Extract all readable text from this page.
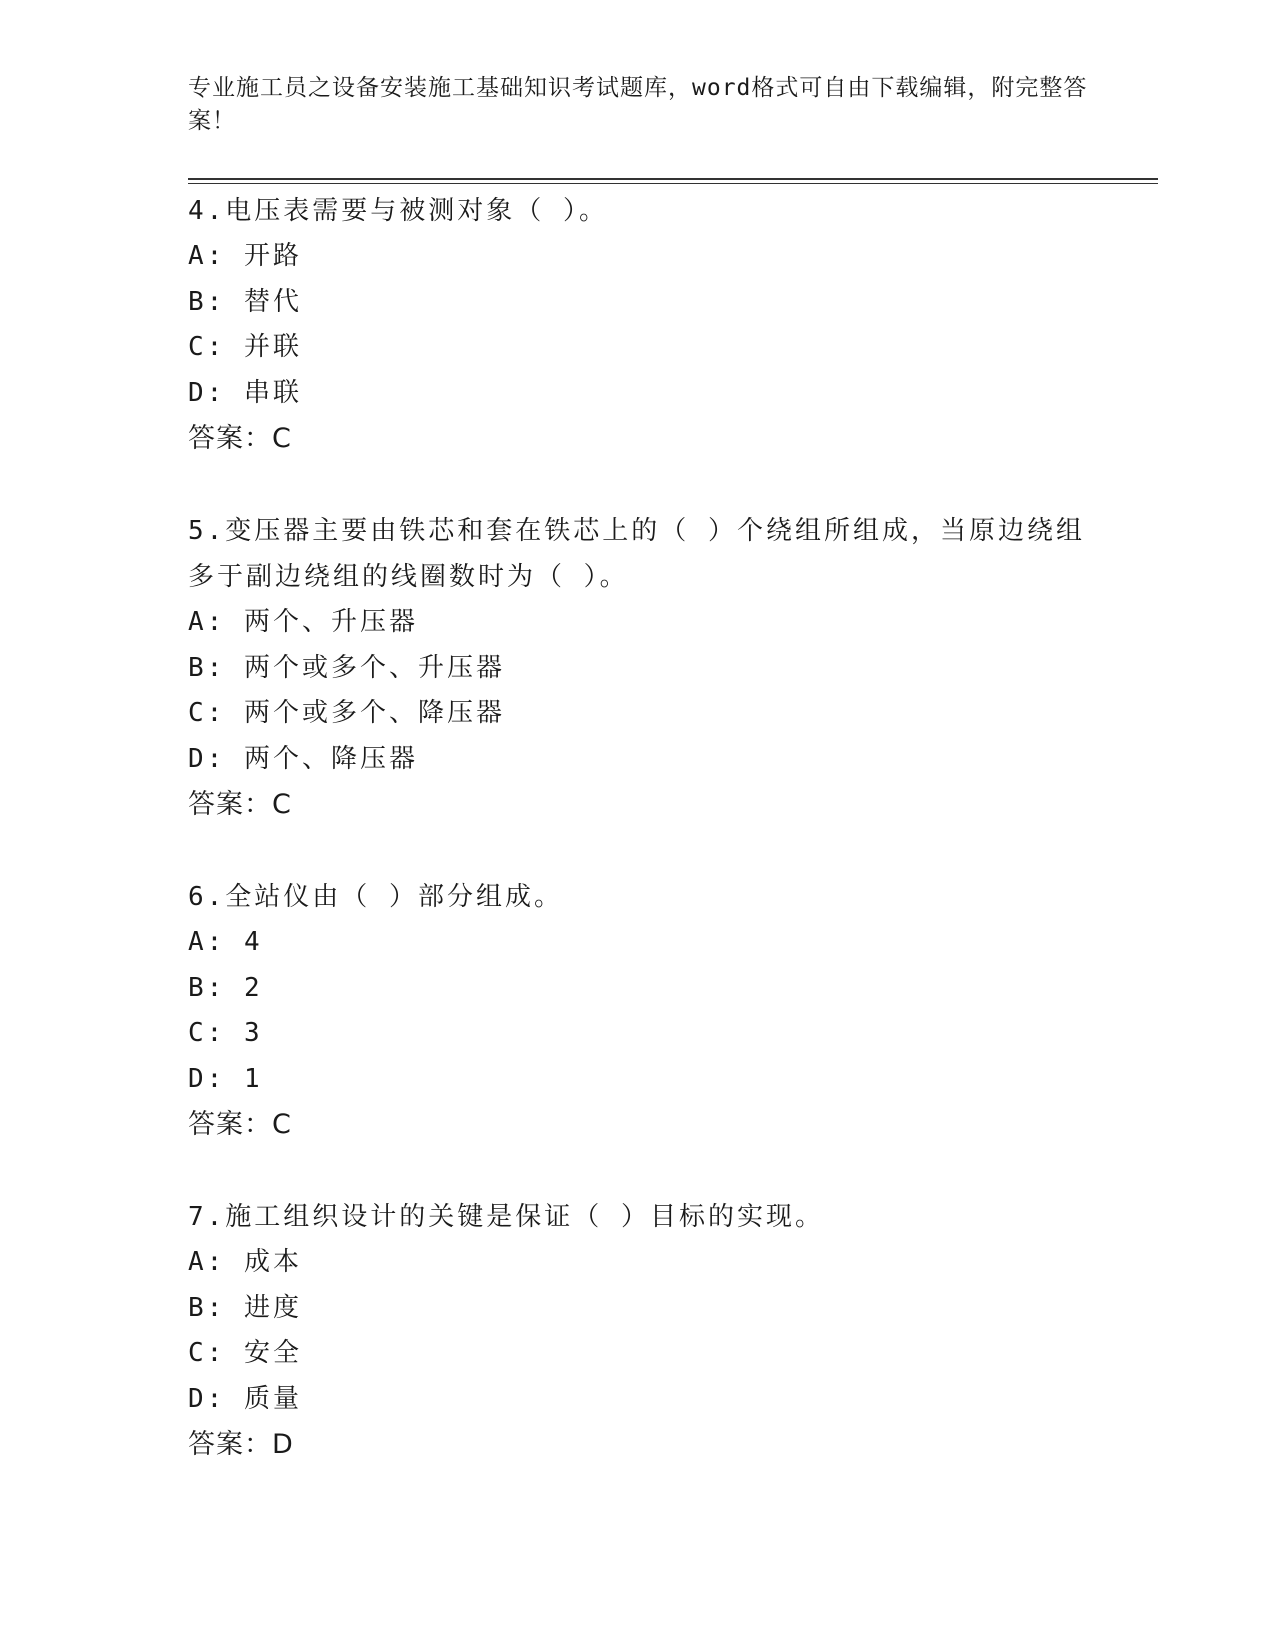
专业施工员之设备安装施工基础知识考试题库，word格式可自由下载编辑，附完整答案！
4.电压表需要与被测对象（ ）。
A: 开路
B: 替代
C: 并联
D: 串联
答案：C
5.变压器主要由铁芯和套在铁芯上的（ ）个绕组所组成，当原边绕组多于副边绕组的线圈数时为（ ）。
A: 两个、升压器
B: 两个或多个、升压器
C: 两个或多个、降压器
D: 两个、降压器
答案：C
6.全站仪由（ ）部分组成。
A: 4
B: 2
C: 3
D: 1
答案：C
7.施工组织设计的关键是保证（ ）目标的实现。
A: 成本
B: 进度
C: 安全
D: 质量
答案：D
